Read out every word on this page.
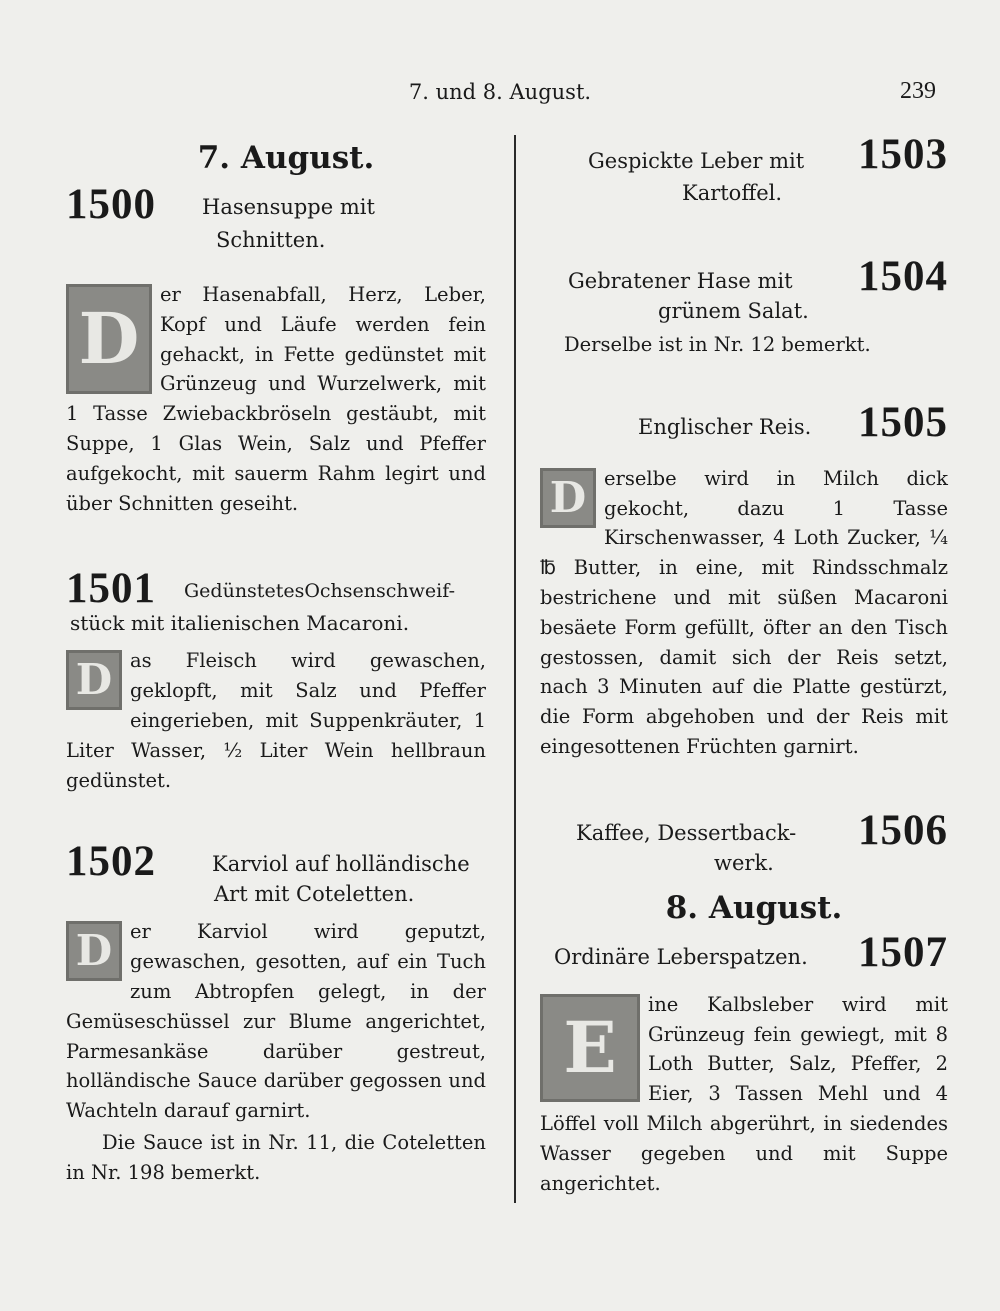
7. und 8. August.	239
7. August.
1500 Hasensuppe mit
Schnitten.
D
er Hasenabfall, Herz, Leber, Kopf und Läufe werden fein gehackt, in Fette gedünstet mit Grünzeug und Wurzelwerk, mit 1 Tasse Zwiebackbröseln gestäubt, mit Suppe, 1 Glas Wein, Salz und Pfeffer aufgekocht, mit sauerm Rahm legirt und über Schnitten geseiht.
1501 GedünstetesOchsenschweif-
stück mit italienischen Macaroni.
D as Fleisch wird gewaschen, geklopft, mit Salz und Pfeffer eingerieben, mit Suppenkräuter, 1 Liter Wasser, ½ Liter Wein hellbraun gedünstet.
1502	Karviol auf holländische
Art mit Coteletten.
D er Karviol wird geputzt, gewaschen, gesotten, auf ein Tuch zum Abtropfen gelegt, in der Gemüseschüssel zur Blume angerichtet, Parmesankäse darüber gestreut, holländische Sauce darüber gegossen und Wachteln darauf garnirt.
Die Sauce ist in Nr. 11, die Coteletten in Nr. 198 bemerkt.
Gespickte Leber mit
Kartoffel.
1503
Gebratener Hase mit
grünem Salat.
1504
Derselbe ist in Nr. 12 bemerkt.
Englischer Reis. 1505
D erselbe wird in Milch dick gekocht, dazu 1 Tasse Kirschenwasser, 4 Loth Zucker, ¼ ℔ Butter, in eine, mit Rindsschmalz bestrichene und mit süßen Macaroni besäete Form gefüllt, öfter an den Tisch gestossen, damit sich der Reis setzt, nach 3 Minuten auf die Platte gestürzt, die Form abgehoben und der Reis mit eingesottenen Früchten garnirt.
Kaffee, Dessertback-
werk.
1506
8. August.
Ordinäre Leberspatzen. 1507
E
ine Kalbsleber wird mit Grünzeug fein gewiegt, mit 8 Loth Butter, Salz, Pfeffer, 2 Eier, 3 Tassen Mehl und 4 Löffel voll Milch abgerührt, in siedendes Wasser gegeben und mit Suppe angerichtet.
